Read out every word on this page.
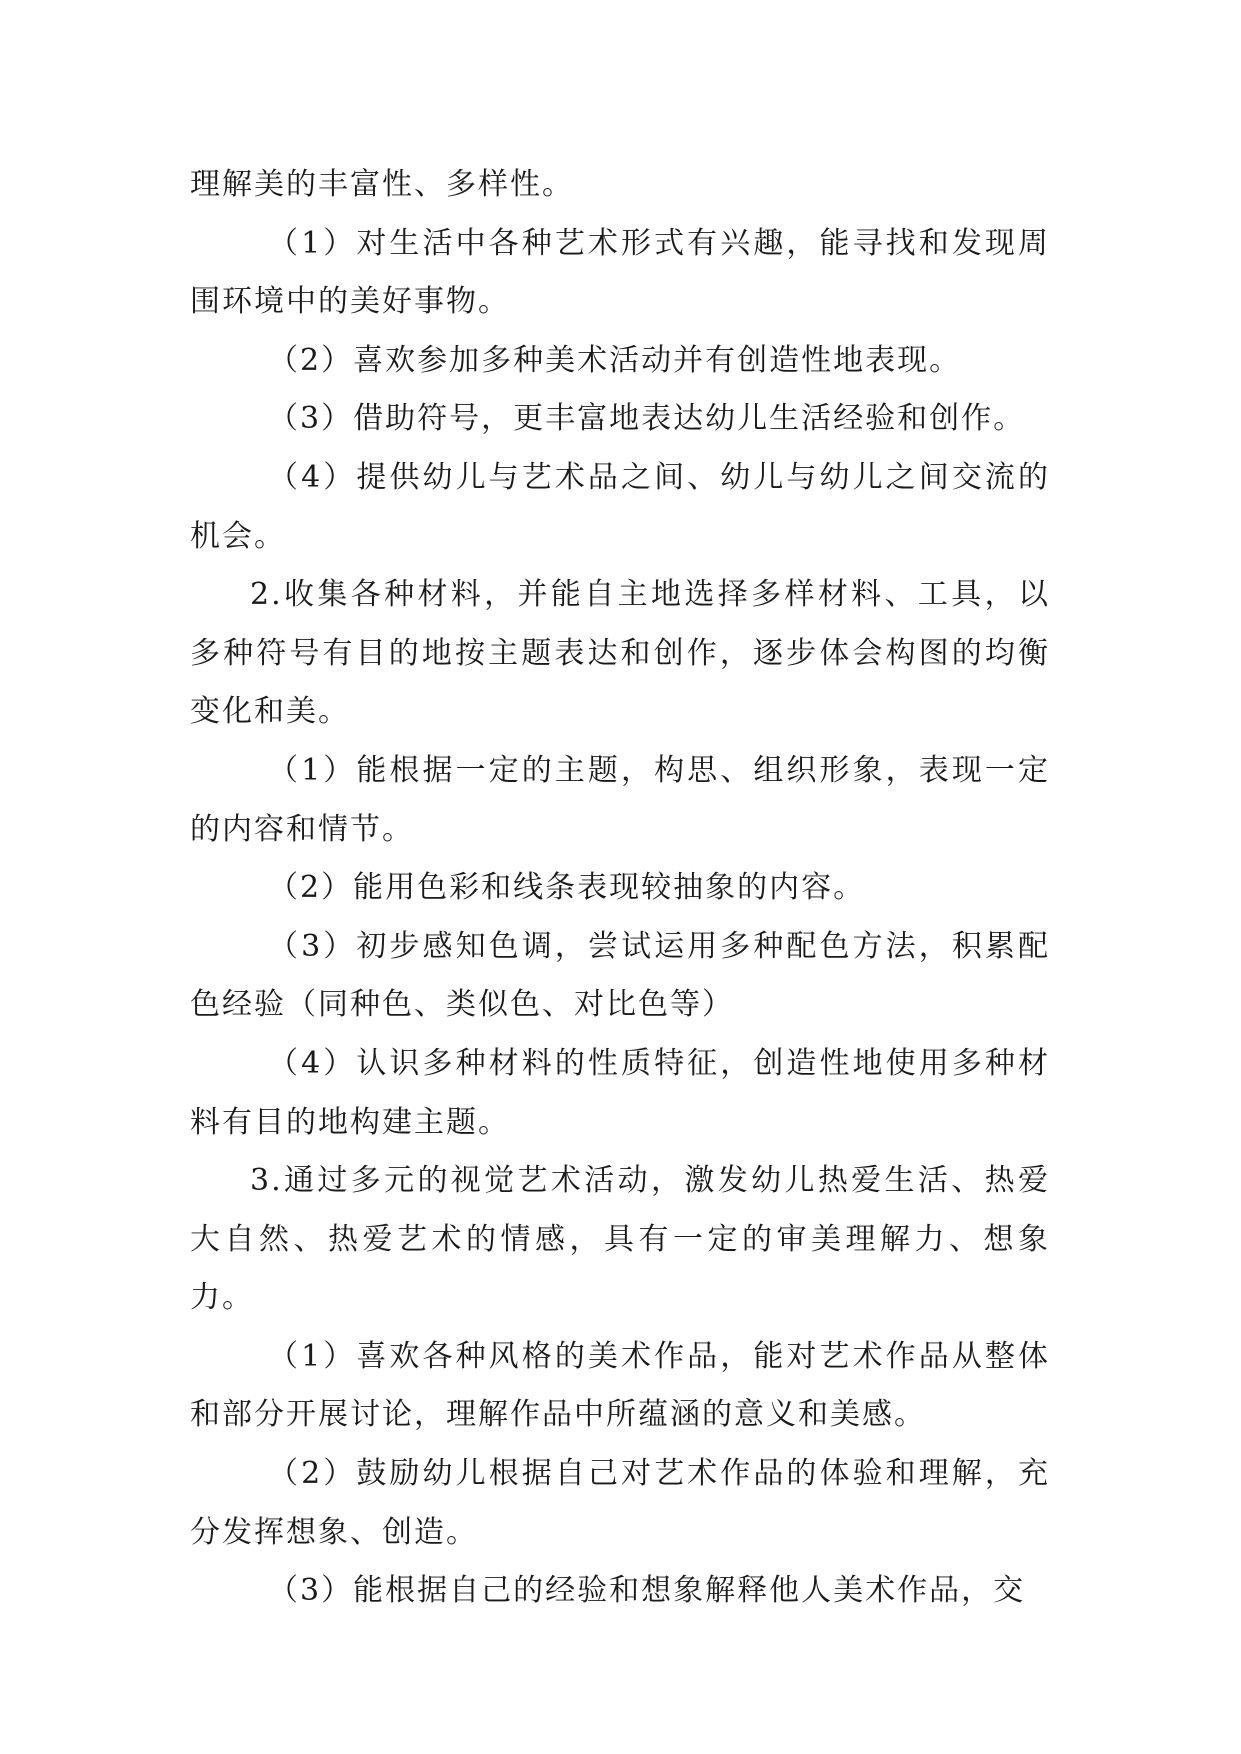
理解美的丰富性、多样性。

（1）对生活中各种艺术形式有兴趣，能寻找和发现周围环境中的美好事物。

（2）喜欢参加多种美术活动并有创造性地表现。

（3）借助符号，更丰富地表达幼儿生活经验和创作。

（4）提供幼儿与艺术品之间、幼儿与幼儿之间交流的机会。

2.收集各种材料，并能自主地选择多样材料、工具，以多种符号有目的地按主题表达和创作，逐步体会构图的均衡变化和美。

（1）能根据一定的主题，构思、组织形象，表现一定的内容和情节。

（2）能用色彩和线条表现较抽象的内容。

（3）初步感知色调，尝试运用多种配色方法，积累配色经验（同种色、类似色、对比色等）

（4）认识多种材料的性质特征，创造性地使用多种材料有目的地构建主题。

3.通过多元的视觉艺术活动，激发幼儿热爱生活、热爱大自然、热爱艺术的情感，具有一定的审美理解力、想象力。

（1）喜欢各种风格的美术作品，能对艺术作品从整体和部分开展讨论，理解作品中所蕴涵的意义和美感。

（2）鼓励幼儿根据自己对艺术作品的体验和理解，充分发挥想象、创造。

（3）能根据自己的经验和想象解释他人美术作品，交
